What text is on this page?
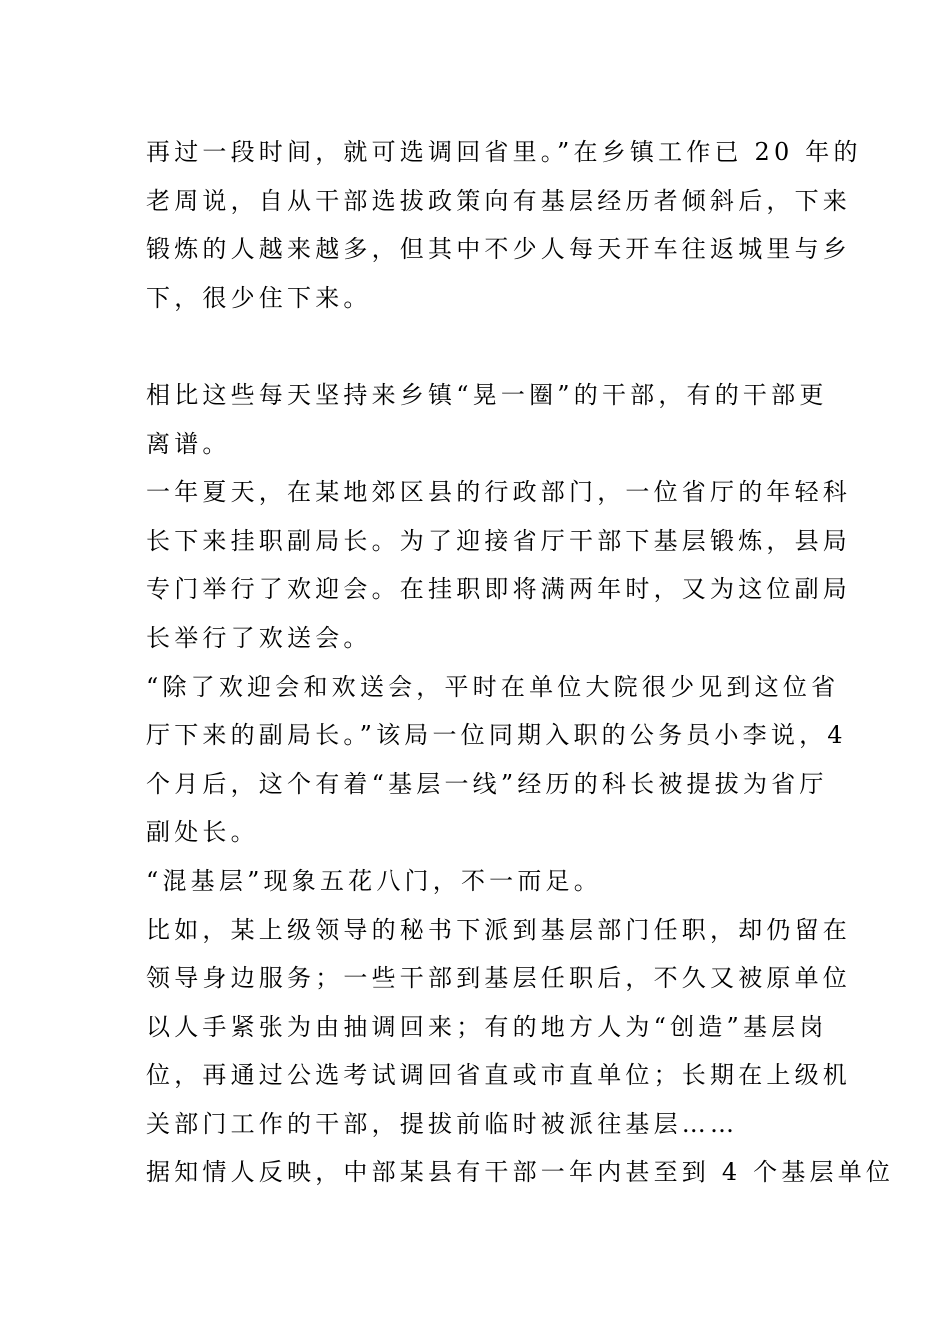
再过一段时间，就可选调回省里。”在乡镇工作已 20 年的
老周说，自从干部选拔政策向有基层经历者倾斜后，下来
锻炼的人越来越多，但其中不少人每天开车往返城里与乡
下，很少住下来。
相比这些每天坚持来乡镇“晃一圈”的干部，有的干部更
离谱。
一年夏天，在某地郊区县的行政部门，一位省厅的年轻科
长下来挂职副局长。为了迎接省厅干部下基层锻炼，县局
专门举行了欢迎会。在挂职即将满两年时，又为这位副局
长举行了欢送会。
“除了欢迎会和欢送会，平时在单位大院很少见到这位省
厅下来的副局长。”该局一位同期入职的公务员小李说，4
个月后，这个有着“基层一线”经历的科长被提拔为省厅
副处长。
“混基层”现象五花八门，不一而足。
比如，某上级领导的秘书下派到基层部门任职，却仍留在
领导身边服务；一些干部到基层任职后，不久又被原单位
以人手紧张为由抽调回来；有的地方人为“创造”基层岗
位，再通过公选考试调回省直或市直单位；长期在上级机
关部门工作的干部，提拔前临时被派往基层……
据知情人反映，中部某县有干部一年内甚至到 4 个基层单位
